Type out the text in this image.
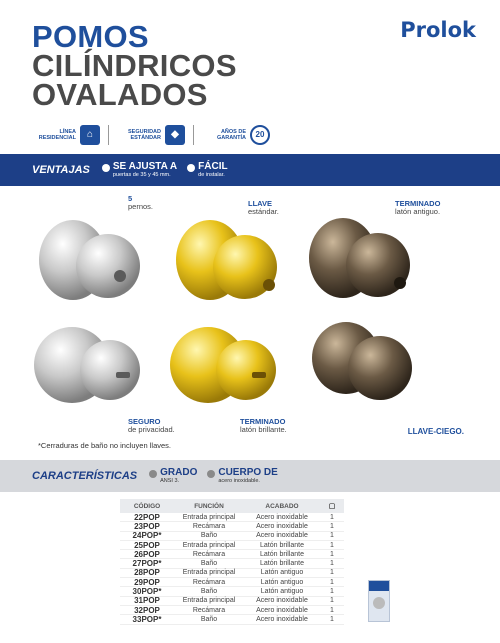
POMOS
CILÍNDRICOS
OVALADOS
Prolok
LÍNEA RESIDENCIAL	⌂	SEGURIDAD ESTÁNDAR	◆	AÑOS DE GARANTÍA	20
VENTAJAS SE AJUSTA A
puertas de 35 y 45 mm.
FÁCIL
de instalar.
5
pernos.	LLAVE
estándar.
TERMINADO
latón antiguo.
SEGURO
de privacidad.
TERMINADO
latón brillante.	LLAVE-CIEGO.
*Cerraduras de baño no incluyen llaves.
CARACTERÍSTICAS GRADO
ANSI 3.
CUERPO DE
acero inoxidable.
CÓDIGO	FUNCIÓN	ACABADO	▢
22POP	Entrada principal	Acero inoxidable	1
23POP	Recámara	Acero inoxidable	1
24POP*	Baño	Acero inoxidable	1
25POP	Entrada principal	Latón brillante	1
26POP	Recámara	Latón brillante	1
27POP*	Baño	Latón brillante	1
28POP	Entrada principal	Latón antiguo	1
29POP	Recámara	Latón antiguo	1
30POP*	Baño	Latón antiguo	1
31POP	Entrada principal	Acero inoxidable	1
32POP	Recámara	Acero inoxidable	1
33POP*	Baño	Acero inoxidable	1
